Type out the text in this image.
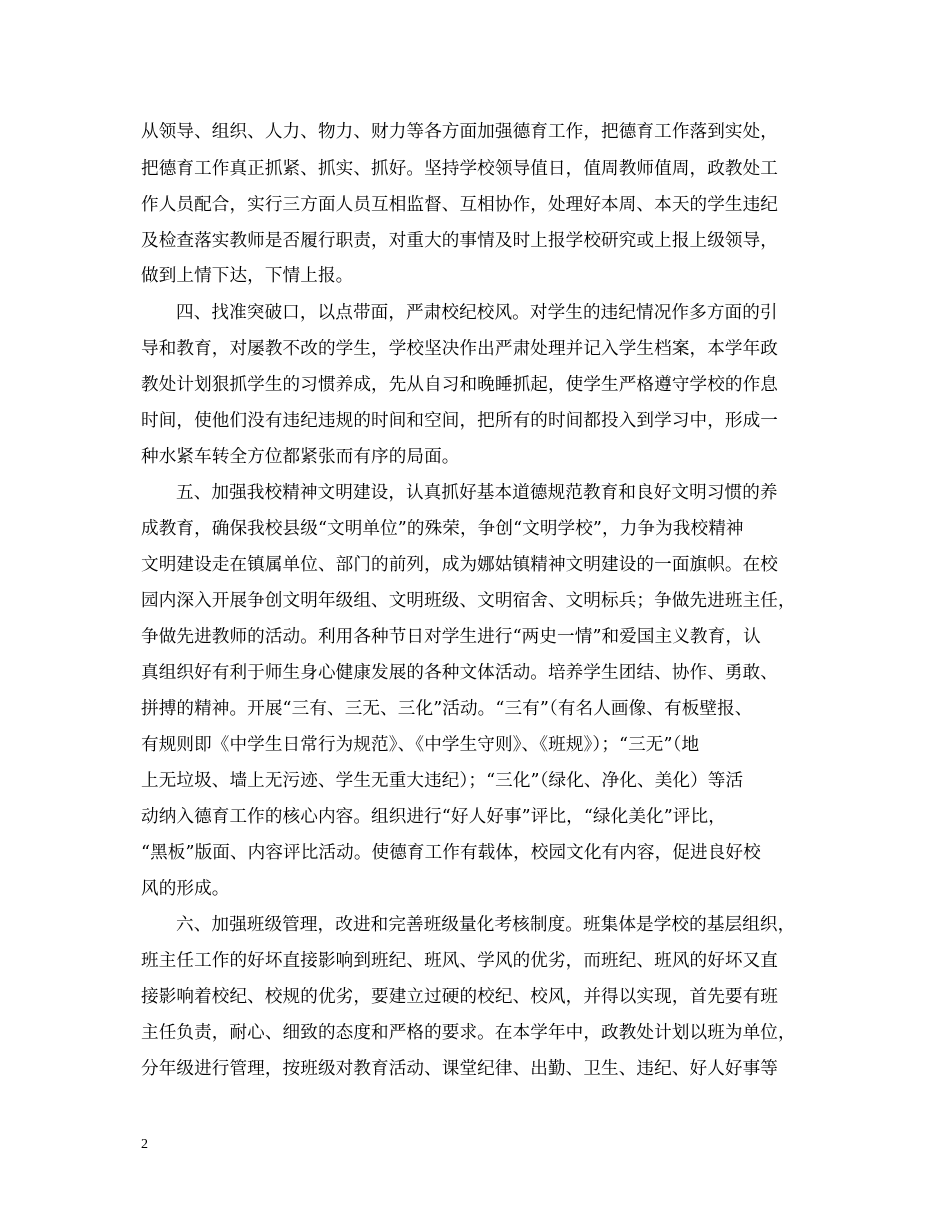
从领导、组织、人力、物力、财力等各方面加强德育工作，把德育工作落到实处，
把德育工作真正抓紧、抓实、抓好。坚持学校领导值日，值周教师值周，政教处工
作人员配合，实行三方面人员互相监督、互相协作，处理好本周、本天的学生违纪
及检查落实教师是否履行职责，对重大的事情及时上报学校研究或上报上级领导，
做到上情下达，下情上报。
四、找准突破口，以点带面，严肃校纪校风。对学生的违纪情况作多方面的引
导和教育，对屡教不改的学生，学校坚决作出严肃处理并记入学生档案，本学年政
教处计划狠抓学生的习惯养成，先从自习和晚睡抓起，使学生严格遵守学校的作息
时间，使他们没有违纪违规的时间和空间，把所有的时间都投入到学习中，形成一
种水紧车转全方位都紧张而有序的局面。
五、加强我校精神文明建设，认真抓好基本道德规范教育和良好文明习惯的养
成教育，确保我校县级“文明单位”的殊荣，争创“文明学校”，力争为我校精神
文明建设走在镇属单位、部门的前列，成为娜姑镇精神文明建设的一面旗帜。在校
园内深入开展争创文明年级组、文明班级、文明宿舍、文明标兵；争做先进班主任，
争做先进教师的活动。利用各种节日对学生进行“两史一情”和爱国主义教育，认
真组织好有利于师生身心健康发展的各种文体活动。培养学生团结、协作、勇敢、
拼搏的精神。开展“三有、三无、三化”活动。“三有”（有名人画像、有板壁报、
有规则即《中学生日常行为规范》、《中学生守则》、《班规》）；“三无”（地
上无垃圾、墙上无污迹、学生无重大违纪）；“三化”（绿化、净化、美化）等活
动纳入德育工作的核心内容。组织进行“好人好事”评比，“绿化美化”评比，
“黑板”版面、内容评比活动。使德育工作有载体，校园文化有内容，促进良好校
风的形成。
六、加强班级管理，改进和完善班级量化考核制度。班集体是学校的基层组织，
班主任工作的好坏直接影响到班纪、班风、学风的优劣，而班纪、班风的好坏又直
接影响着校纪、校规的优劣，要建立过硬的校纪、校风，并得以实现，首先要有班
主任负责，耐心、细致的态度和严格的要求。在本学年中，政教处计划以班为单位，
分年级进行管理，按班级对教育活动、课堂纪律、出勤、卫生、违纪、好人好事等
2
